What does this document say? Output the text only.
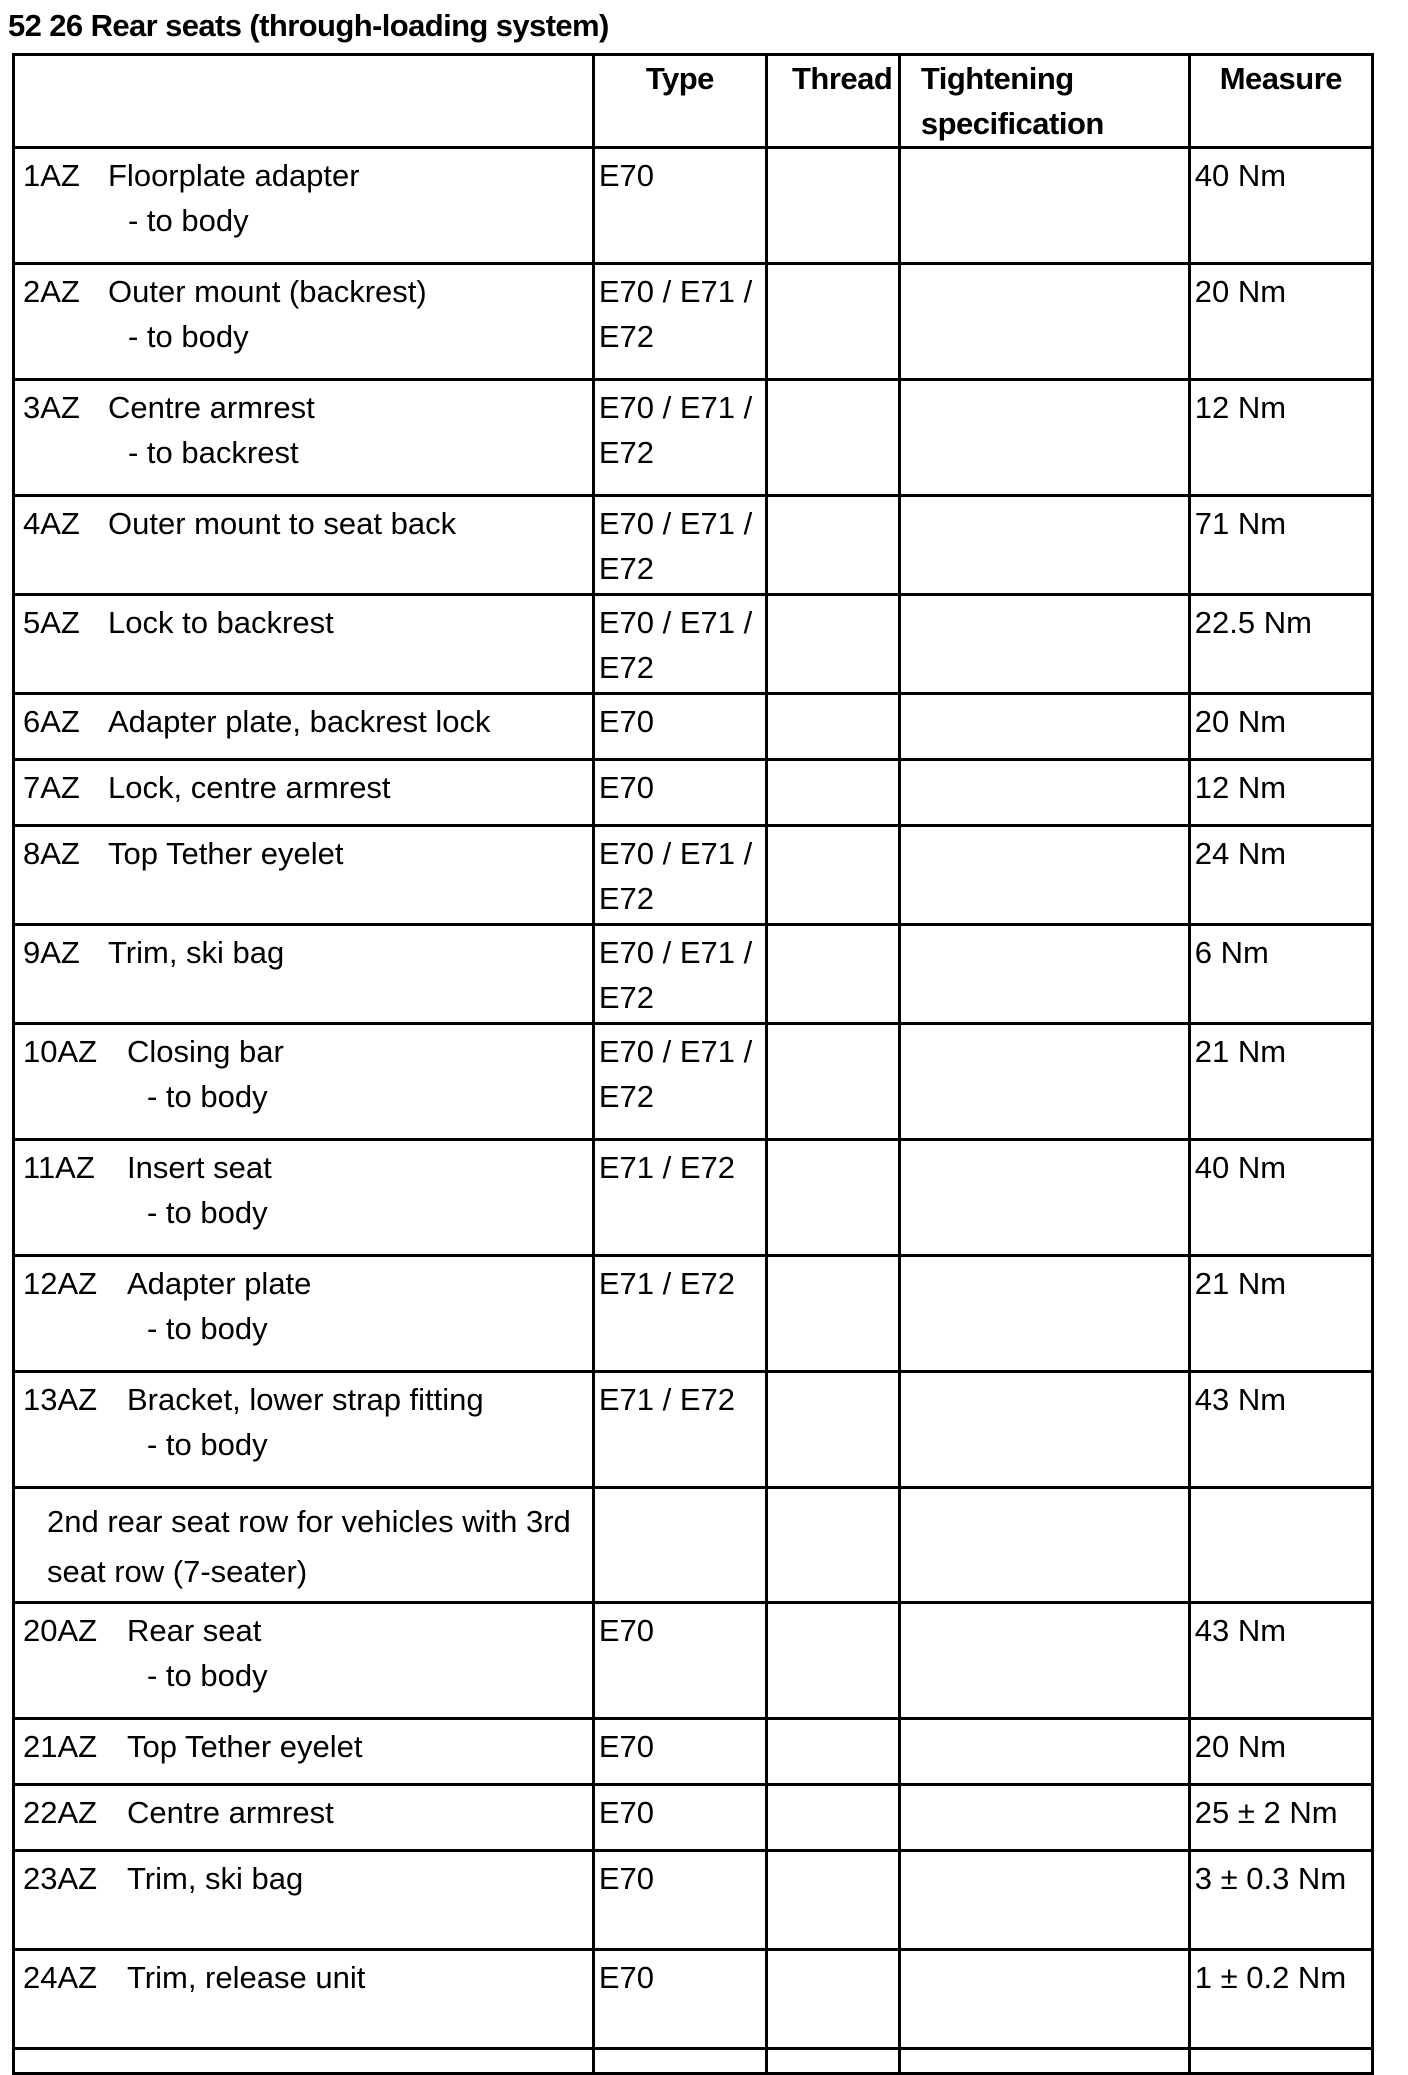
52 26 Rear seats (through-loading system)
	Type	Thread	Tightening specification	Measure

1AZ Floorplate adapter
- to body	E70			40 Nm

2AZ Outer mount (backrest)
- to body	E70 / E71 / E72			20 Nm

3AZ Centre armrest
- to backrest	E70 / E71 / E72			12 Nm

4AZ Outer mount to seat back	E70 / E71 / E72			71 Nm

5AZ Lock to backrest	E70 / E71 / E72			22.5 Nm

6AZ Adapter plate, backrest lock	E70			20 Nm

7AZ Lock, centre armrest	E70			12 Nm

8AZ Top Tether eyelet	E70 / E71 / E72			24 Nm

9AZ Trim, ski bag	E70 / E71 / E72			6 Nm

10AZ Closing bar
- to body	E70 / E71 / E72			21 Nm

11AZ Insert seat
- to body	E71 / E72			40 Nm

12AZ Adapter plate
- to body	E71 / E72			21 Nm

13AZ Bracket, lower strap fitting
- to body	E71 / E72			43 Nm
2nd rear seat row for vehicles with 3rd seat row (7-seater)				

20AZ Rear seat
- to body	E70			43 Nm

21AZ Top Tether eyelet	E70			20 Nm

22AZ Centre armrest	E70			25 ± 2 Nm

23AZ Trim, ski bag	E70			3 ± 0.3 Nm

24AZ Trim, release unit	E70			1 ± 0.2 Nm
